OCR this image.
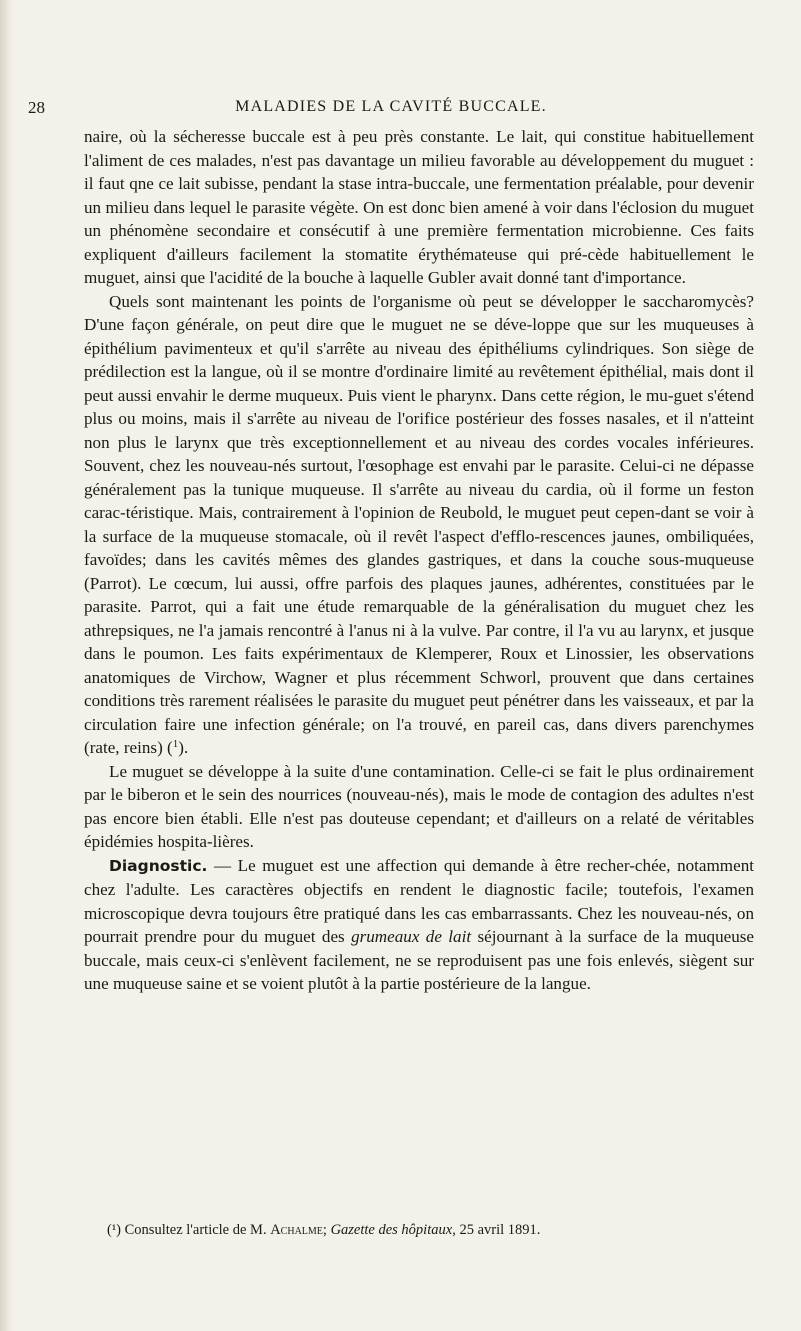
28	MALADIES DE LA CAVITÉ BUCCALE.

naire, où la sécheresse buccale est à peu près constante. Le lait, qui constitue habituellement l'aliment de ces malades, n'est pas davantage un milieu favorable au développement du muguet : il faut qne ce lait subisse, pendant la stase intra-buccale, une fermentation préalable, pour devenir un milieu dans lequel le parasite végète. On est donc bien amené à voir dans l'éclosion du muguet un phénomène secondaire et consécutif à une première fermentation microbienne. Ces faits expliquent d'ailleurs facilement la stomatite érythémateuse qui pré-cède habituellement le muguet, ainsi que l'acidité de la bouche à laquelle Gubler avait donné tant d'importance.

Quels sont maintenant les points de l'organisme où peut se développer le saccharomycès? D'une façon générale, on peut dire que le muguet ne se déve-loppe que sur les muqueuses à épithélium pavimenteux et qu'il s'arrête au niveau des épithéliums cylindriques. Son siège de prédilection est la langue, où il se montre d'ordinaire limité au revêtement épithélial, mais dont il peut aussi envahir le derme muqueux. Puis vient le pharynx. Dans cette région, le mu-guet s'étend plus ou moins, mais il s'arrête au niveau de l'orifice postérieur des fosses nasales, et il n'atteint non plus le larynx que très exceptionnellement et au niveau des cordes vocales inférieures. Souvent, chez les nouveau-nés surtout, l'œsophage est envahi par le parasite. Celui-ci ne dépasse généralement pas la tunique muqueuse. Il s'arrête au niveau du cardia, où il forme un feston carac-téristique. Mais, contrairement à l'opinion de Reubold, le muguet peut cepen-dant se voir à la surface de la muqueuse stomacale, où il revêt l'aspect d'efflo-rescences jaunes, ombiliquées, favoïdes; dans les cavités mêmes des glandes gastriques, et dans la couche sous-muqueuse (Parrot). Le cœcum, lui aussi, offre parfois des plaques jaunes, adhérentes, constituées par le parasite. Parrot, qui a fait une étude remarquable de la généralisation du muguet chez les athrepsiques, ne l'a jamais rencontré à l'anus ni à la vulve. Par contre, il l'a vu au larynx, et jusque dans le poumon. Les faits expérimentaux de Klemperer, Roux et Linossier, les observations anatomiques de Virchow, Wagner et plus récemment Schworl, prouvent que dans certaines conditions très rarement réalisées le parasite du muguet peut pénétrer dans les vaisseaux, et par la circulation faire une infection générale; on l'a trouvé, en pareil cas, dans divers parenchymes (rate, reins) ($^1$).

Le muguet se développe à la suite d'une contamination. Celle-ci se fait le plus ordinairement par le biberon et le sein des nourrices (nouveau-nés), mais le mode de contagion des adultes n'est pas encore bien établi. Elle n'est pas douteuse cependant; et d'ailleurs on a relaté de véritables épidémies hospita-lières.

Diagnostic. — Le muguet est une affection qui demande à être recher-chée, notamment chez l'adulte. Les caractères objectifs en rendent le diagnostic facile; toutefois, l'examen microscopique devra toujours être pratiqué dans les cas embarrassants. Chez les nouveau-nés, on pourrait prendre pour du muguet des grumeaux de lait séjournant à la surface de la muqueuse buccale, mais ceux-ci s'enlèvent facilement, ne se reproduisent pas une fois enlevés, siègent sur une muqueuse saine et se voient plutôt à la partie postérieure de la langue.

(¹) Consultez l'article de M. Achalme; Gazette des hôpitaux, 25 avril 1891.
